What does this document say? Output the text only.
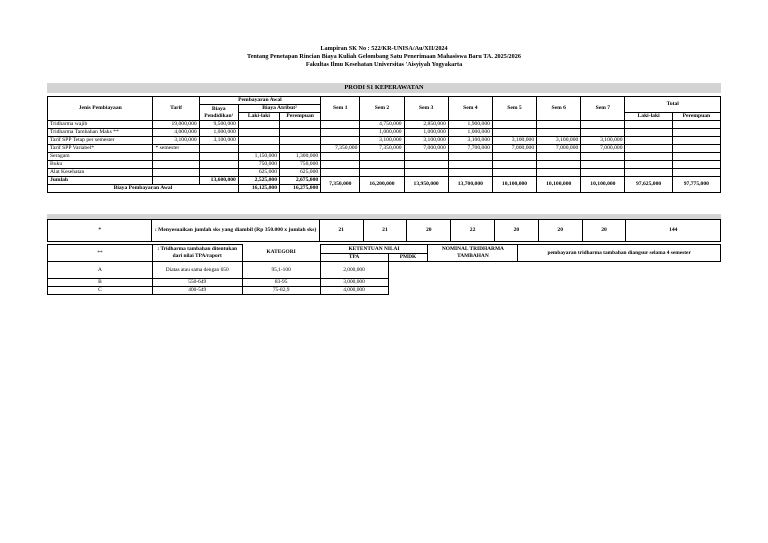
Lampiran SK No : 522/KR-UNISA/Au/XII/2024
Tentang Penetapan Rincian Biaya Kuliah Gelombang Satu Penerimaan Mahasiswa Baru TA. 2025/2026
Fakultas Ilmu Kesehatan Universitas 'Aisyiyah Yogyakarta
PRODI S1 KEPERAWATAN
Jenis Pembiayaan	Tarif	Pembayaran Awal			Sem 1	Sem 2	Sem 3	Sem 4	Sem 5	Sem 6	Sem 7	Total	
		Biaya Pendidikan¹	Biaya Atribut²										
			Laki-laki	Perempuan								Laki-laki	Perempuan
Tridharma wajib	19,000,000	9,500,000				4,750,000	2,850,000	1,900,000					
Tridharma Tambahan Maks **	4,000,000	1,000,000				1,000,000	1,000,000	1,000,000					
Tarif SPP Tetap per semester	3,100,000	3,100,000				3,100,000	3,100,000	3,100,000	3,100,000	3,100,000	3,100,000		
Tarif SPP Variabel*	* semester				7,350,000	7,350,000	7,000,000	7,700,000	7,000,000	7,000,000	7,000,000		
Seragam			1,150,000	1,300,000									
Buku			750,000	750,000									
Alat Kesehatan			625,000	625,000									
Jumlah		13,600,000	2,525,000	2,675,000	7,350,000	16,200,000	13,950,000	13,700,000	10,100,000	10,100,000	10,100,000	97,625,000	97,775,000
Biaya Pembayaran Awal			16,125,000	16,275,000									
*	: Menyesuaikan jumlah sks yang diambil (Rp 350.000 x jumlah sks)	21	21	20	22	20	20	20	144
**	: Tridharma tambahan ditentukan dari nilai TPA/raport	KATEGORI	KETENTUAN NILAI		NOMINAL TRIDHARMA TAMBAHAN	pembayaran tridharma tambahan diangsur selama 4 semester
			TPA	PMDK		
A	Diatas atau sama dengan 650	95,1-100	2,000,000			
B	550-649	83-95	3,000,000			
C	400-549	75-82,9	4,000,000			
